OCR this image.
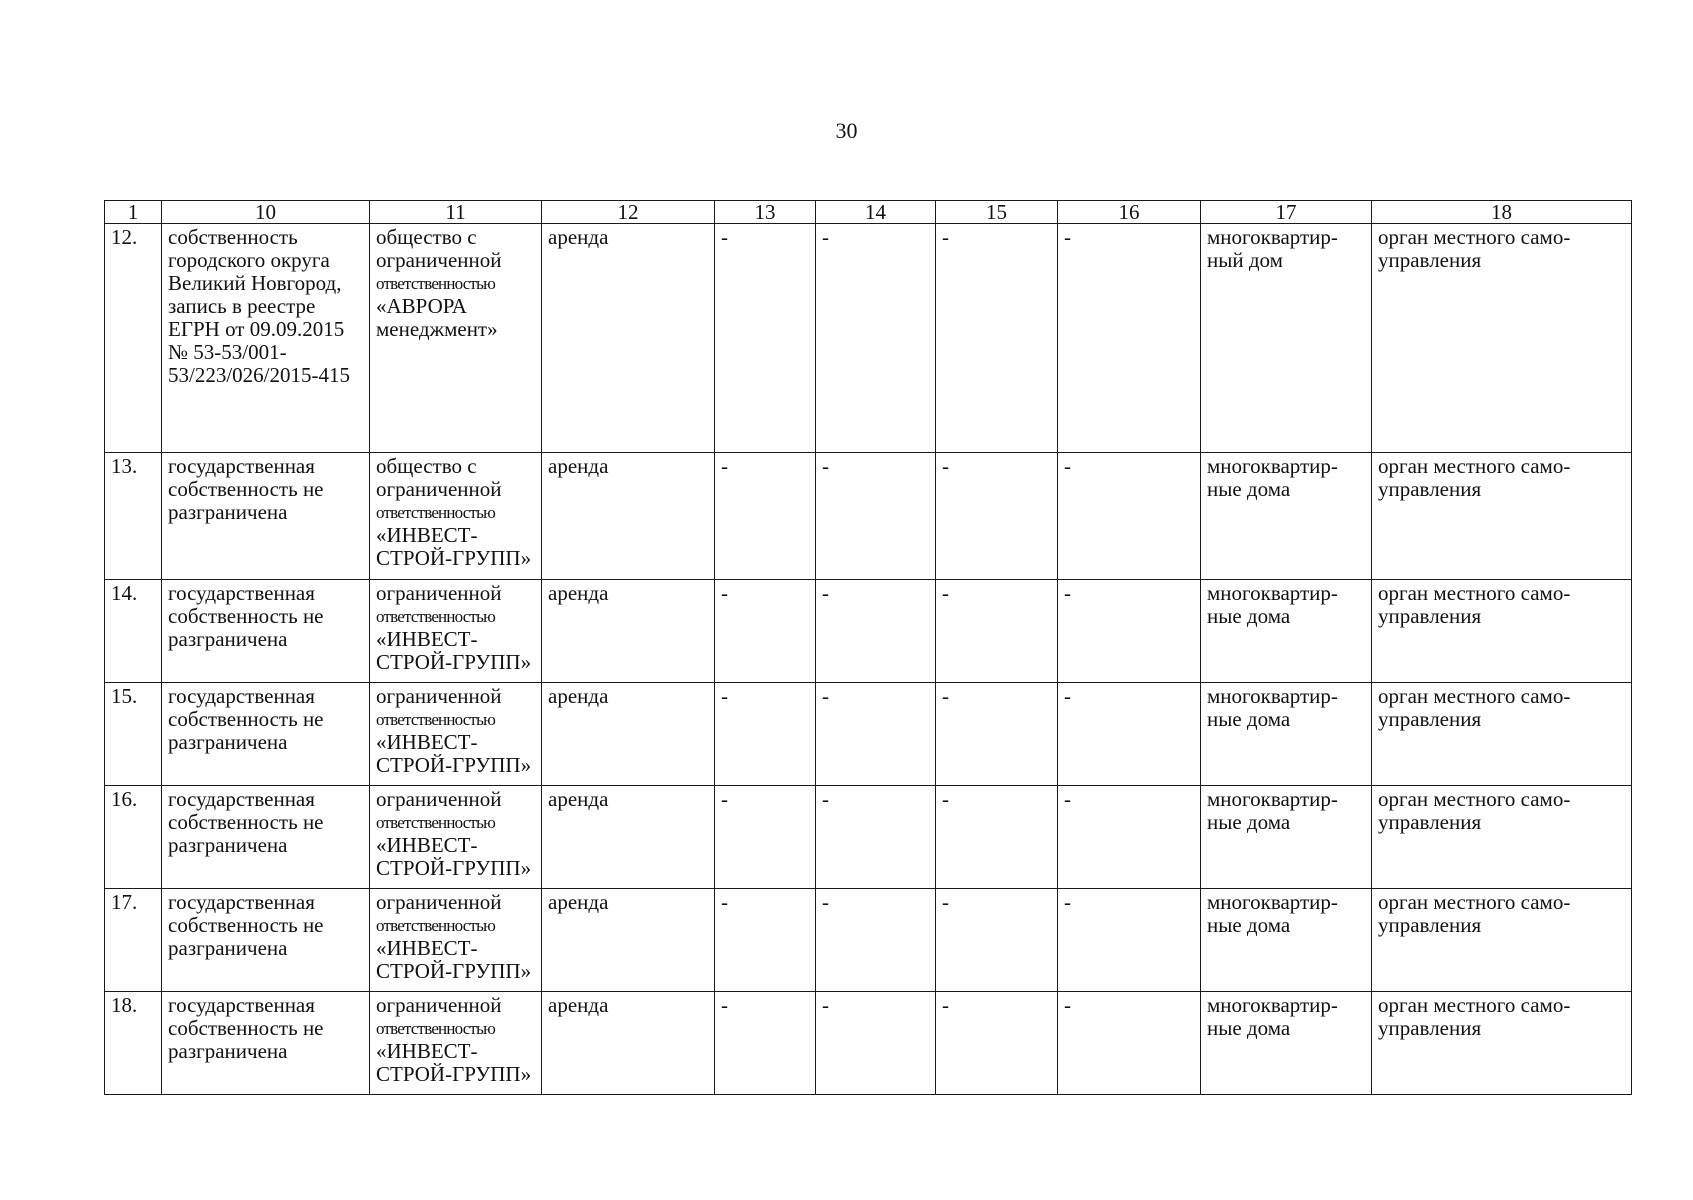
30
1	10	11	12	13	14	15	16	17	18
12.	собственность городского округа Великий Новгород, запись в реестре ЕГРН от 09.09.2015 № 53-53/001-53/223/026/2015-415	общество с ограниченной
ответственностью
«АВРОРА менеджмент»	аренда	-	-	-	-	многоквартир-ный дом	орган местного само-управления
13.	государственная собственность не разграничена	общество с ограниченной
ответственностью
«ИНВЕСТ-СТРОЙ-ГРУПП»	аренда	-	-	-	-	многоквартир-ные дома	орган местного само-управления
14.	государственная собственность не разграничена	ограниченной
ответственностью
«ИНВЕСТ-СТРОЙ-ГРУПП»	аренда	-	-	-	-	многоквартир-ные дома	орган местного само-управления
15.	государственная собственность не разграничена	ограниченной
ответственностью
«ИНВЕСТ-СТРОЙ-ГРУПП»	аренда	-	-	-	-	многоквартир-ные дома	орган местного само-управления
16.	государственная собственность не разграничена	ограниченной
ответственностью
«ИНВЕСТ-СТРОЙ-ГРУПП»	аренда	-	-	-	-	многоквартир-ные дома	орган местного само-управления
17.	государственная собственность не разграничена	ограниченной
ответственностью
«ИНВЕСТ-СТРОЙ-ГРУПП»	аренда	-	-	-	-	многоквартир-ные дома	орган местного само-управления
18.	государственная собственность не разграничена	ограниченной
ответственностью
«ИНВЕСТ-СТРОЙ-ГРУПП»	аренда	-	-	-	-	многоквартир-ные дома	орган местного само-управления
